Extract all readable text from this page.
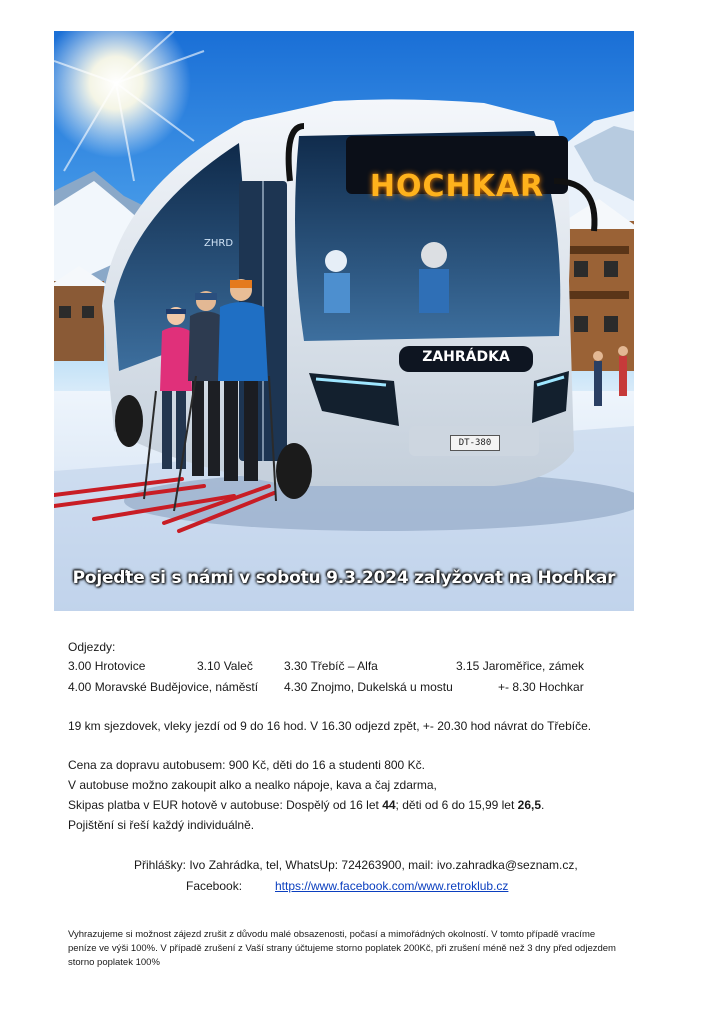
ZHRD
HOCHKAR
ZAHRÁDKA
DT-380
Pojeďte si s námi v sobotu 9.3.2024 zalyžovat na Hochkar
Odjezdy:
3.00 Hrotovice	3.10 Valeč	3.30 Třebíč – Alfa	3.15 Jaroměřice, zámek
4.00 Moravské Budějovice, náměstí 4.30 Znojmo, Dukelská u mostu	+- 8.30 Hochkar
19 km sjezdovek, vleky jezdí od 9 do 16 hod. V 16.30 odjezd zpět, +- 20.30 hod návrat do Třebíče.
Cena za dopravu autobusem: 900 Kč, děti do 16 a studenti 800 Kč.
V autobuse možno zakoupit alko a nealko nápoje, kava a čaj zdarma,
Skipas platba v EUR hotově v autobuse: Dospělý od 16 let 44; děti od 6 do 15,99 let 26,5.
Pojištění si řeší každý individuálně.
Přihlášky: Ivo Zahrádka, tel, WhatsUp: 724263900, mail: ivo.zahradka@seznam.cz,
Facebook:	https://www.facebook.com/www.retroklub.cz
Vyhrazujeme si možnost zájezd zrušit z důvodu malé obsazenosti, počasí a mimořádných okolností. V tomto případě vracíme
peníze ve výši 100%. V případě zrušení z Vaší strany účtujeme storno poplatek 200Kč, při zrušení méně než 3 dny před odjezdem
storno poplatek 100%
